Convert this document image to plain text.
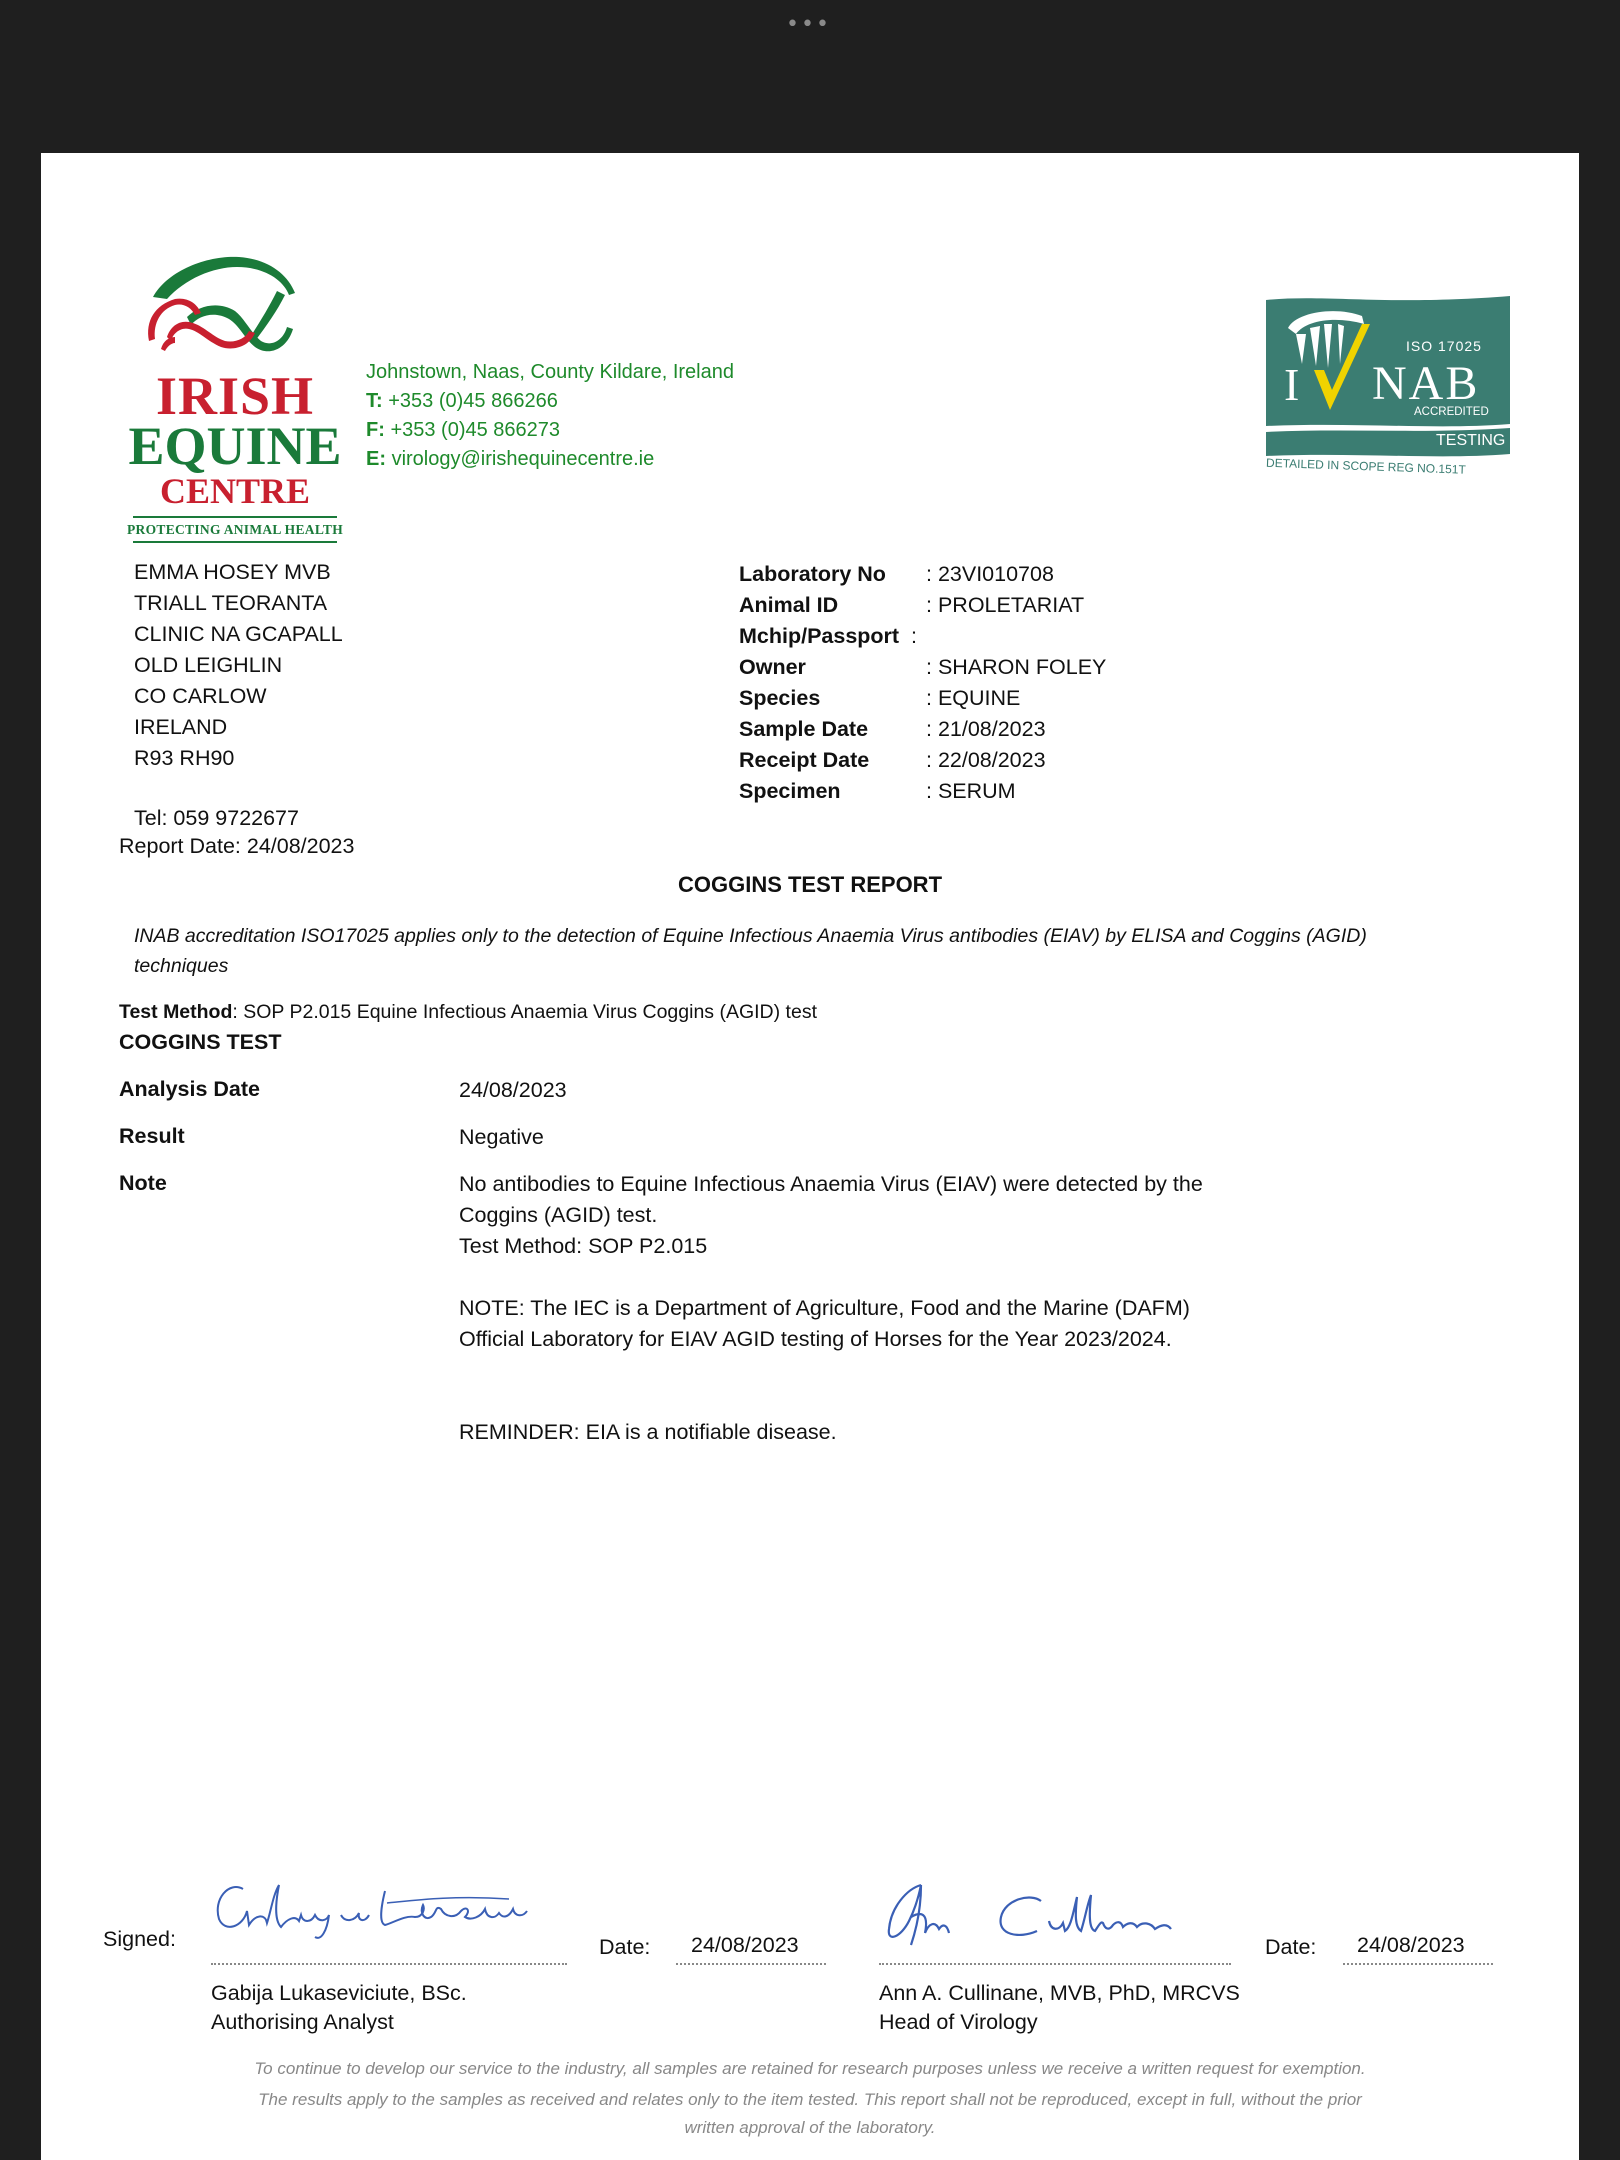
•••
IRISH
EQUINE
CENTRE
PROTECTING ANIMAL HEALTH
Johnstown, Naas, County Kildare, Ireland
T: +353 (0)45 866266
F: +353 (0)45 866273
E: virology@irishequinecentre.ie
ISO 17025
I NAB
ACCREDITED
TESTING
DETAILED IN SCOPE REG NO.151T
EMMA HOSEY MVB
TRIALL TEORANTA
CLINIC NA GCAPALL
OLD LEIGHLIN
CO CARLOW
IRELAND
R93 RH90
Tel: 059 9722677
Report Date: 24/08/2023
Laboratory No	: 23VI010708
Animal ID	: PROLETARIAT
Mchip/Passport :
Owner	: SHARON FOLEY
Species	: EQUINE
Sample Date	: 21/08/2023
Receipt Date	: 22/08/2023
Specimen	: SERUM
COGGINS TEST REPORT
INAB accreditation ISO17025 applies only to the detection of Equine Infectious Anaemia Virus antibodies (EIAV) by ELISA and Coggins (AGID) techniques
Test Method: SOP P2.015 Equine Infectious Anaemia Virus Coggins (AGID) test
COGGINS TEST
Analysis Date	24/08/2023
Result	Negative
Note	No antibodies to Equine Infectious Anaemia Virus (EIAV) were detected by the Coggins (AGID) test.
Test Method: SOP P2.015
NOTE: The IEC is a Department of Agriculture, Food and the Marine (DAFM) Official Laboratory for EIAV AGID testing of Horses for the Year 2023/2024.
REMINDER: EIA is a notifiable disease.
Signed:	Date: 24/08/2023
Gabija Lukaseviciute, BSc.
Authorising Analyst
Date: 24/08/2023
Ann A. Cullinane, MVB, PhD, MRCVS
Head of Virology
To continue to develop our service to the industry, all samples are retained for research purposes unless we receive a written request for exemption.
The results apply to the samples as received and relates only to the item tested. This report shall not be reproduced, except in full, without the prior
written approval of the laboratory.
